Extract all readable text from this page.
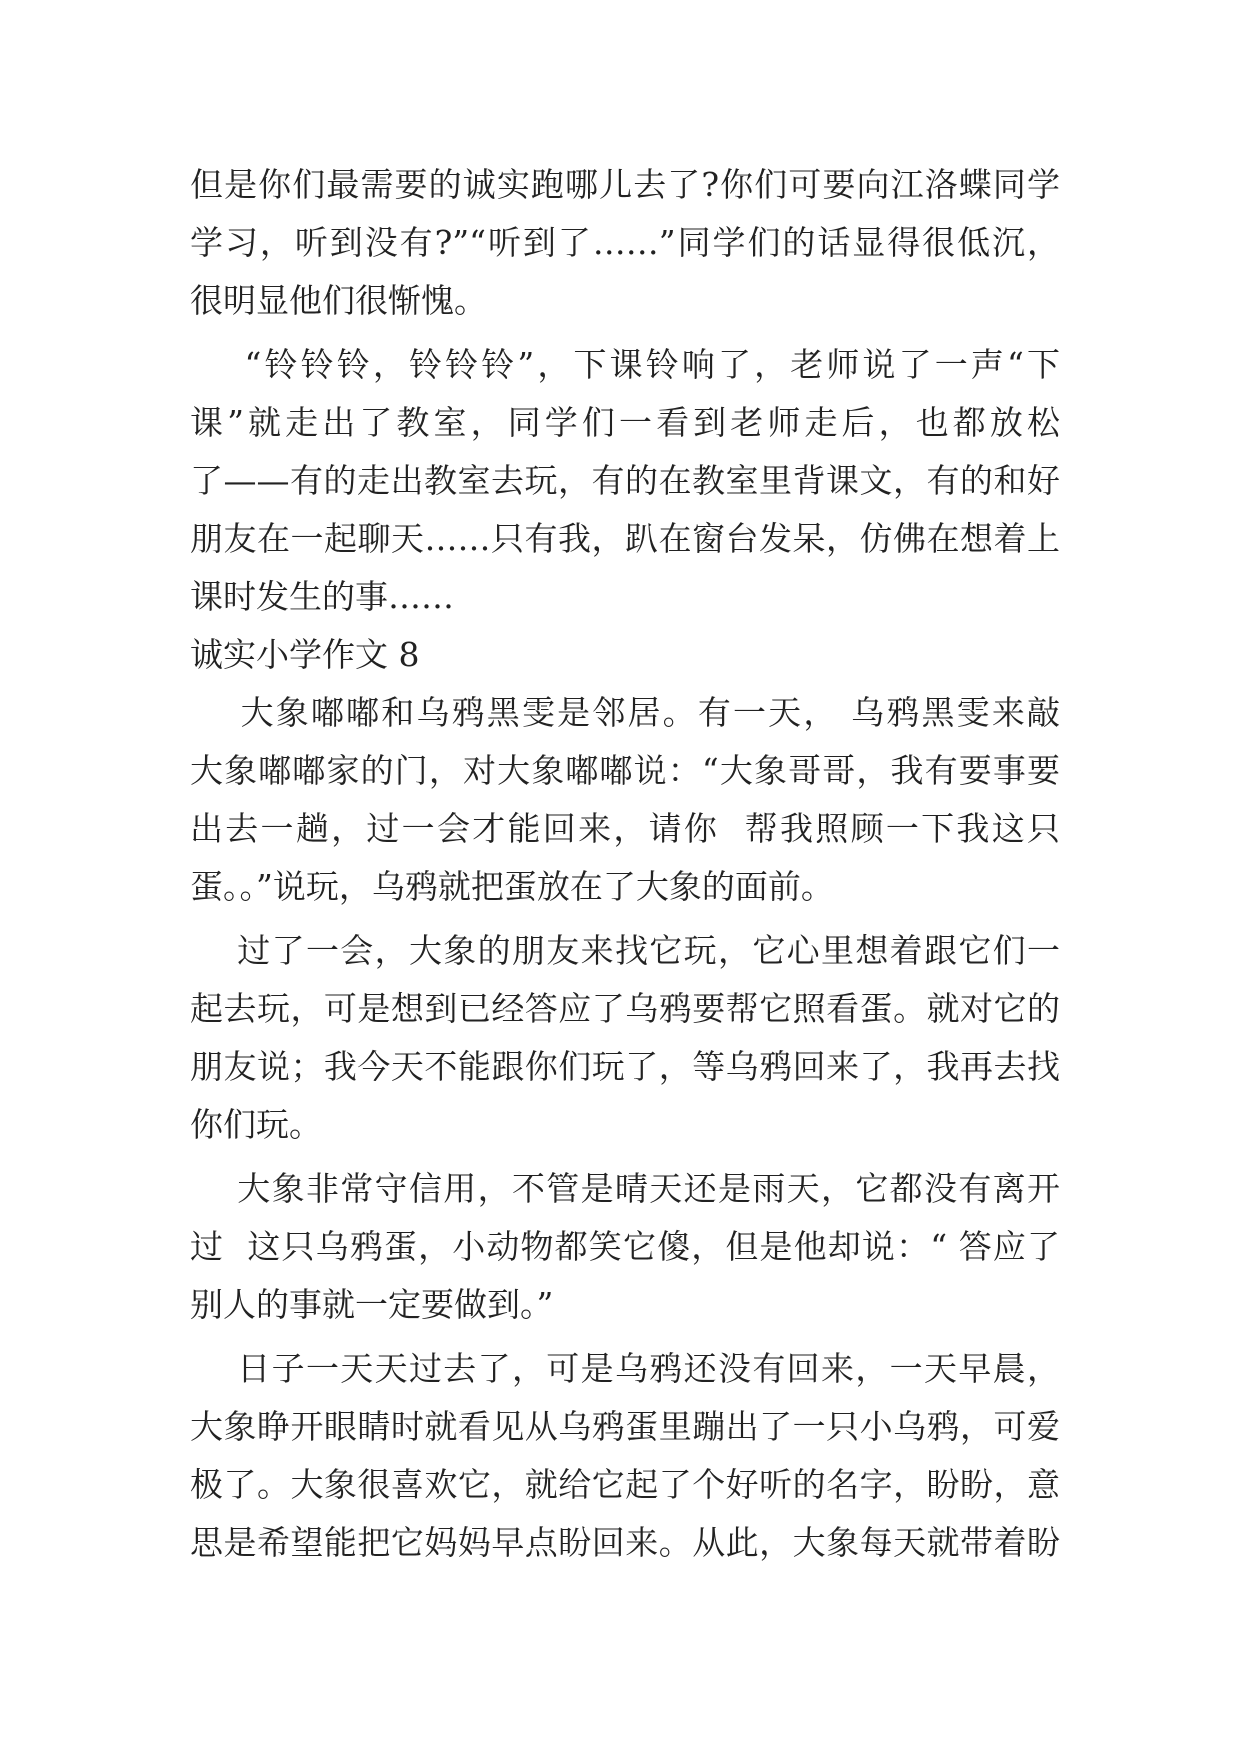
但是你们最需要的诚实跑哪儿去了?你们可要向江洛蝶同学
学习，听到没有?”“听到了……”同学们的话显得很低沉，
很明显他们很惭愧。
“铃铃铃，铃铃铃”，下课铃响了，老师说了一声“下
课”就走出了教室，同学们一看到老师走后，也都放松
了——有的走出教室去玩，有的在教室里背课文，有的和好
朋友在一起聊天……只有我，趴在窗台发呆，仿佛在想着上
课时发生的事……
诚实小学作文 8
大象嘟嘟和乌鸦黑雯是邻居。有一天， 乌鸦黑雯来敲
大象嘟嘟家的门，对大象嘟嘟说：“大象哥哥，我有要事要
出去一趟，过一会才能回来，请你  帮我照顾一下我这只
蛋。。”说玩，乌鸦就把蛋放在了大象的面前。
过了一会，大象的朋友来找它玩，它心里想着跟它们一
起去玩，可是想到已经答应了乌鸦要帮它照看蛋。就对它的
朋友说；我今天不能跟你们玩了，等乌鸦回来了，我再去找
你们玩。
大象非常守信用，不管是晴天还是雨天，它都没有离开
过  这只乌鸦蛋，小动物都笑它傻，但是他却说：“ 答应了
别人的事就一定要做到。”
日子一天天过去了，可是乌鸦还没有回来，一天早晨，
大象睁开眼睛时就看见从乌鸦蛋里蹦出了一只小乌鸦，可爱
极了。大象很喜欢它，就给它起了个好听的名字，盼盼，意
思是希望能把它妈妈早点盼回来。从此，大象每天就带着盼
